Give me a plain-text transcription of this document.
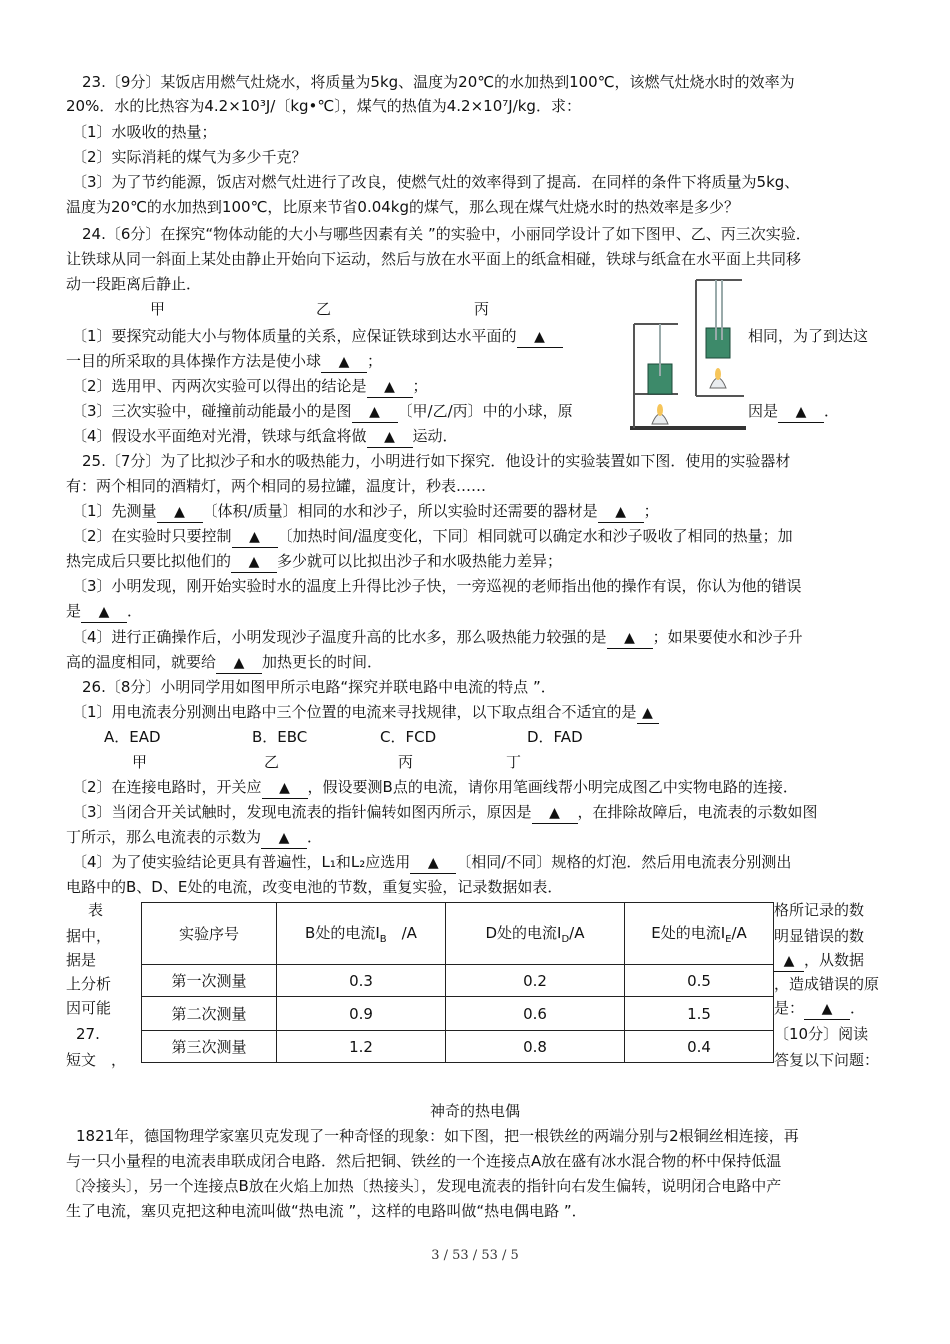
23.〔9分〕某饭店用燃气灶烧水，将质量为5kg、温度为20℃的水加热到100℃，该燃气灶烧水时的效率为
20%．水的比热容为4.2×10³J/〔kg•℃〕，煤气的热值为4.2×10⁷J/kg．求：
〔1〕水吸收的热量；
〔2〕实际消耗的煤气为多少千克？
〔3〕为了节约能源，饭店对燃气灶进行了改良，使燃气灶的效率得到了提高．在同样的条件下将质量为5kg、
温度为20℃的水加热到100℃，比原来节省0.04kg的煤气，那么现在煤气灶烧水时的热效率是多少？
24.〔6分〕在探究“物体动能的大小与哪些因素有关 ”的实验中，小丽同学设计了如下图甲、乙、丙三次实验．
让铁球从同一斜面上某处由静止开始向下运动，然后与放在水平面上的纸盒相碰，铁球与纸盒在水平面上共同移
动一段距离后静止．
甲	乙	丙
〔1〕要探究动能大小与物体质量的关系，应保证铁球到达水平面的 ▲	相同，为了到达这
一目的所采取的具体操作方法是使小球 ▲ ；
〔2〕选用甲、丙两次实验可以得出的结论是 ▲ ；
〔3〕三次实验中，碰撞前动能最小的是图 ▲ 〔甲/乙/丙〕中的小球，原	因是 ▲ ．
〔4〕假设水平面绝对光滑，铁球与纸盒将做 ▲ 运动．
25.〔7分〕为了比拟沙子和水的吸热能力，小明进行如下探究．他设计的实验装置如下图．使用的实验器材
有：两个相同的酒精灯，两个相同的易拉罐，温度计，秒表……
〔1〕先测量 ▲ 〔体积/质量〕相同的水和沙子，所以实验时还需要的器材是 ▲ ；
〔2〕在实验时只要控制 ▲ 〔加热时间/温度变化，下同〕相同就可以确定水和沙子吸收了相同的热量；加
热完成后只要比拟他们的 ▲ 多少就可以比拟出沙子和水吸热能力差异；
〔3〕小明发现，刚开始实验时水的温度上升得比沙子快，一旁巡视的老师指出他的操作有误，你认为他的错误
是 ▲ ．
〔4〕进行正确操作后，小明发现沙子温度升高的比水多，那么吸热能力较强的是 ▲ ；如果要使水和沙子升
高的温度相同，就要给 ▲ 加热更长的时间．
26.〔8分〕小明同学用如图甲所示电路“探究并联电路中电流的特点 ”．
〔1〕用电流表分别测出电路中三个位置的电流来寻找规律，以下取点组合不适宜的是 ▲
A．EAD	B．EBC	C．FCD	D．FAD
甲	乙	丙	丁
〔2〕在连接电路时，开关应 ▲ ，假设要测B点的电流，请你用笔画线帮小明完成图乙中实物电路的连接．
〔3〕当闭合开关试触时，发现电流表的指针偏转如图丙所示，原因是 ▲ ，在排除故障后，电流表的示数如图
丁所示，那么电流表的示数为 ▲ ．
〔4〕为了使实验结论更具有普遍性，L₁和L₂应选用 ▲ 〔相同/不同〕规格的灯泡．然后用电流表分别测出
电路中的B、D、E处的电流，改变电池的节数，重复实验，记录数据如表．
表
据中，
据是
上分析
因可能
27.
短文　，
实验序号	B处的电流$I_B$　/A	D处的电流$I_D/A$	E处的电流$I_E/A$
第一次测量	0.3	0.2	0.5
第二次测量	0.9	0.6	1.5
第三次测量	1.2	0.8	0.4
格所记录的数
明显错误的数
▲ ，从数据
，造成错误的原
是： ▲ ．
〔10分〕阅读
答复以下问题：
神奇的热电偶
1821年，德国物理学家塞贝克发现了一种奇怪的现象：如下图，把一根铁丝的两端分别与2根铜丝相连接，再
与一只小量程的电流表串联成闭合电路．然后把铜、铁丝的一个连接点A放在盛有冰水混合物的杯中保持低温
〔冷接头〕，另一个连接点B放在火焰上加热〔热接头〕，发现电流表的指针向右发生偏转，说明闭合电路中产
生了电流，塞贝克把这种电流叫做“热电流 ”，这样的电路叫做“热电偶电路 ”．
3 / 53 / 53 / 5
